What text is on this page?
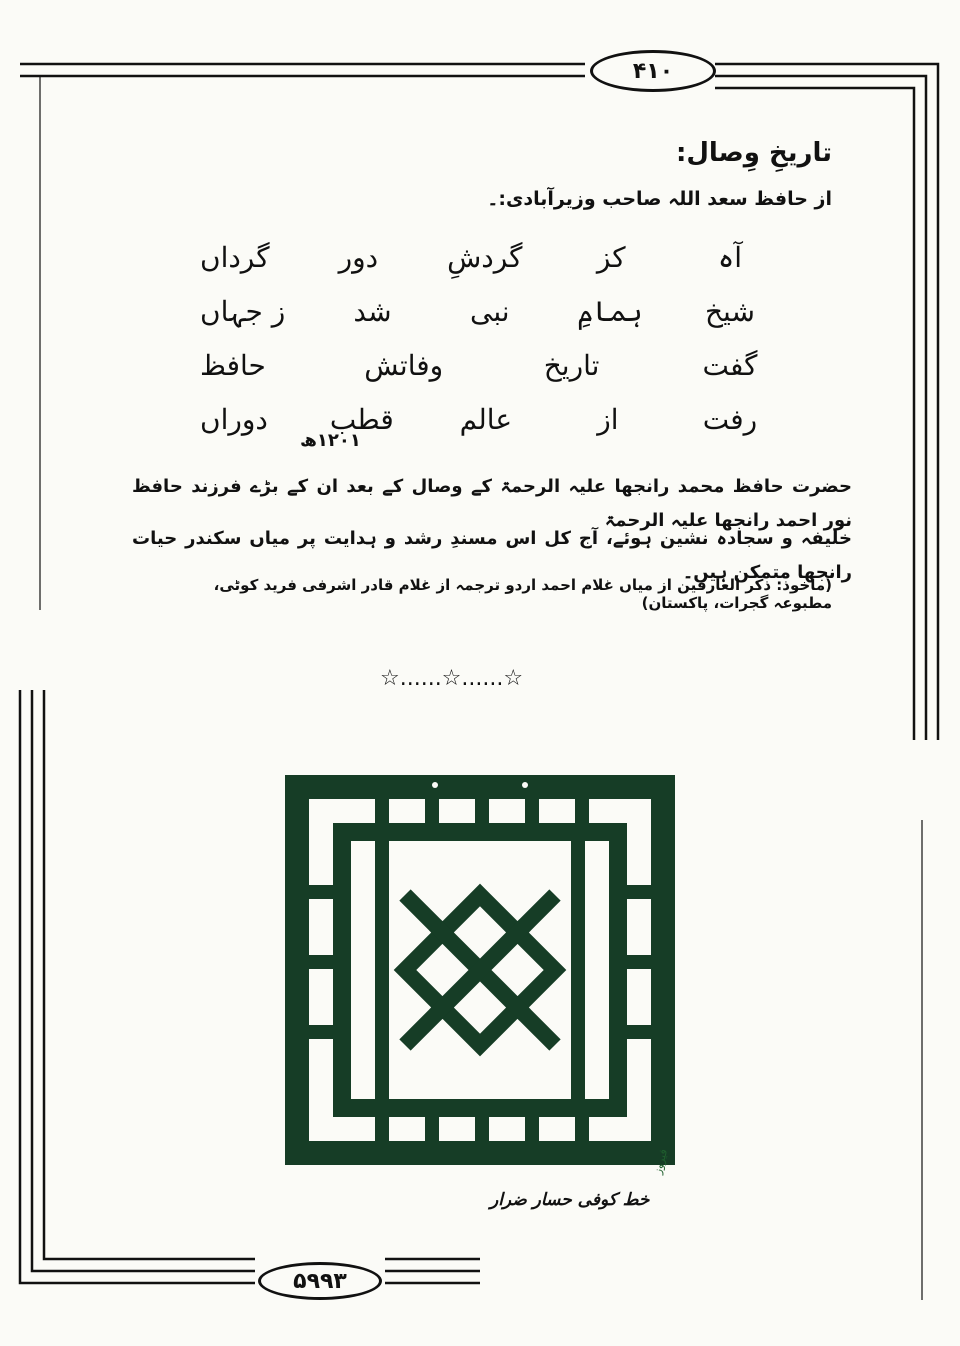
۴۱۰
تاریخِ وِصال:
از حافظ سعد اللہ صاحب وزیرآبادی:۔
آہ
کز
گردشِ
دور
گرداں
شیخ
ہمامِ
نبی
شد
ز جہاں
گفت
تاریخ
وفاتش
حافظ
رفت
از
عالم
قطب
دوراں
۱۲۰۱ھ
حضرت حافظ محمد رانجھا علیہ الرحمۃ کے وصال کے بعد ان کے بڑے فرزند حافظ نور احمد رانجھا علیہ الرحمۃ
خلیفہ و سجادہ نشین ہوئے، آج کل اس مسندِ رشد و ہدایت پر میاں سکندر حیات رانجھا متمکن ہیں۔
(ماخوذ: ذکر العارفین از میاں غلام احمد اردو ترجمہ از غلام قادر اشرفی فرید کوٹی، مطبوعہ گجرات، پاکستان)
☆......☆......☆
فیروز
خط کوفی حسار ضرار
۵۹۹۳
